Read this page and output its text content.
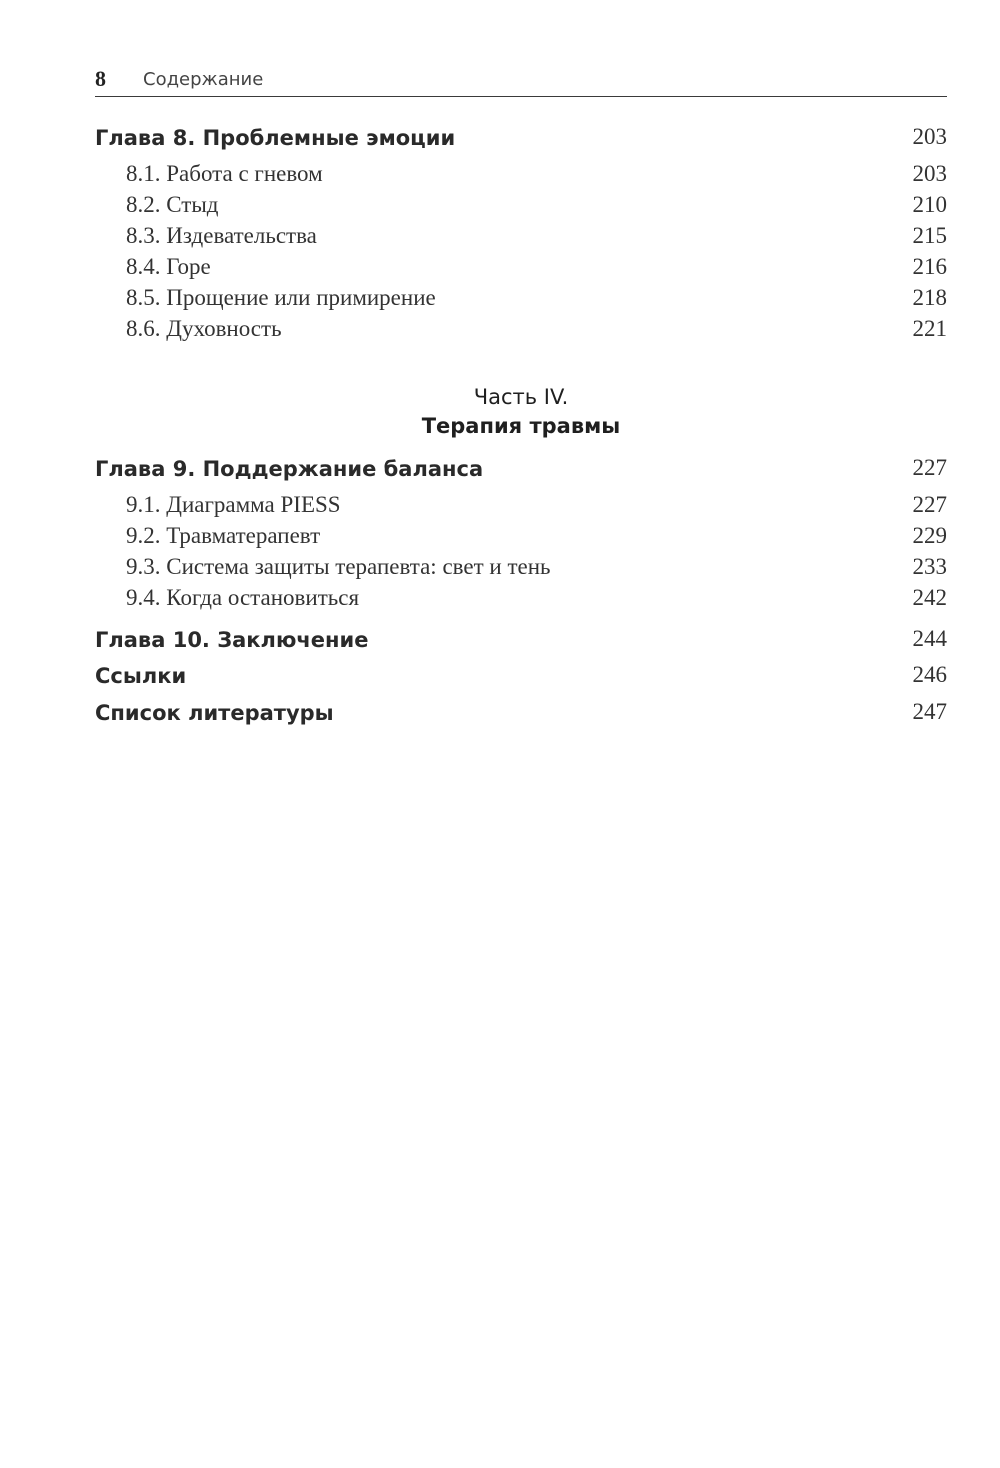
8 Содержание
Глава 8. Проблемные эмоции	203
8.1. Работа с гневом	203
8.2. Стыд	210
8.3. Издевательства	215
8.4. Горе	216
8.5. Прощение или примирение	218
8.6. Духовность	221
Часть IV.
Терапия травмы
Глава 9. Поддержание баланса	227
9.1. Диаграмма PIESS	227
9.2. Травматерапевт	229
9.3. Система защиты терапевта: свет и тень	233
9.4. Когда остановиться	242
Глава 10. Заключение	244
Ссылки	246
Список литературы	247
